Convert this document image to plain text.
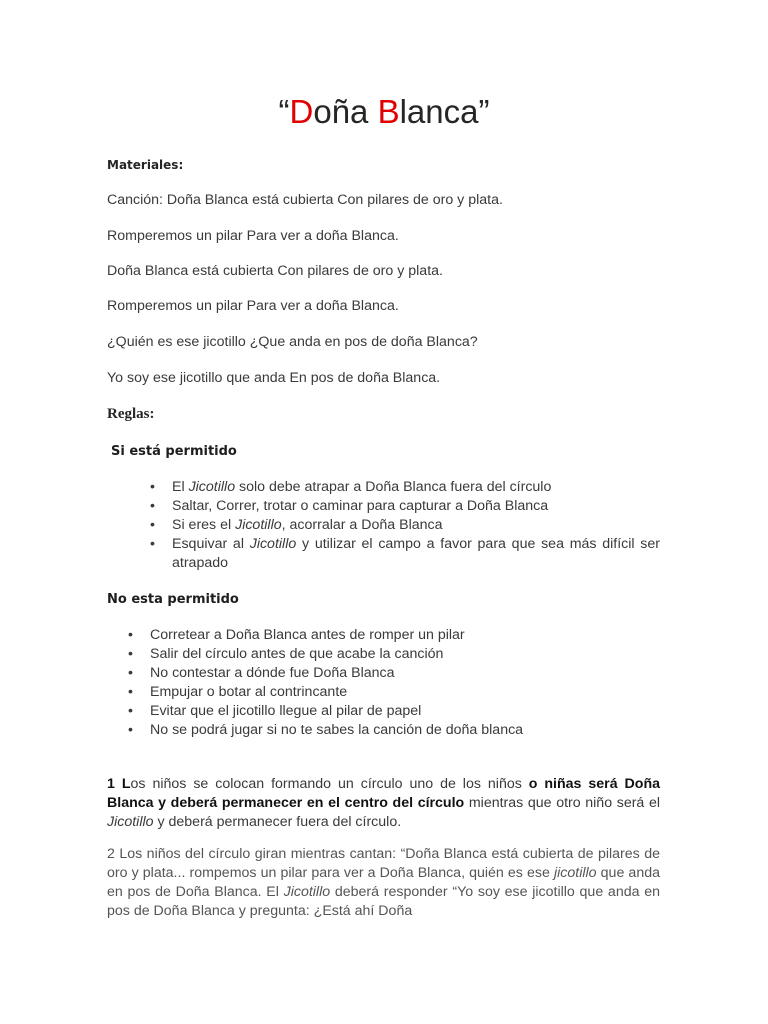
“Doña Blanca”
Materiales:
Canción: Doña Blanca está cubierta Con pilares de oro y plata.
Romperemos un pilar Para ver a doña Blanca.
Doña Blanca está cubierta Con pilares de oro y plata.
Romperemos un pilar Para ver a doña Blanca.
¿Quién es ese jicotillo ¿Que anda en pos de doña Blanca?
Yo soy ese jicotillo que anda En pos de doña Blanca.
Reglas:
Si está permitido
• El Jicotillo solo debe atrapar a Doña Blanca fuera del círculo
• Saltar, Correr, trotar o caminar para capturar a Doña Blanca
• Si eres el Jicotillo, acorralar a Doña Blanca
• Esquivar al Jicotillo y utilizar el campo a favor para que sea más difícil ser atrapado
No esta permitido
• Corretear a Doña Blanca antes de romper un pilar
• Salir del círculo antes de que acabe la canción
• No contestar a dónde fue Doña Blanca
• Empujar o botar al contrincante
• Evitar que el jicotillo llegue al pilar de papel
• No se podrá jugar si no te sabes la canción de doña blanca
1 Los niños se colocan formando un círculo uno de los niños o niñas será Doña Blanca y deberá permanecer en el centro del círculo mientras que otro niño será el Jicotillo y deberá permanecer fuera del círculo.
2 Los niños del círculo giran mientras cantan: “Doña Blanca está cubierta de pilares de oro y plata... rompemos un pilar para ver a Doña Blanca, quién es ese jicotillo que anda en pos de Doña Blanca. El Jicotillo deberá responder “Yo soy ese jicotillo que anda en pos de Doña Blanca y pregunta: ¿Está ahí Doña
